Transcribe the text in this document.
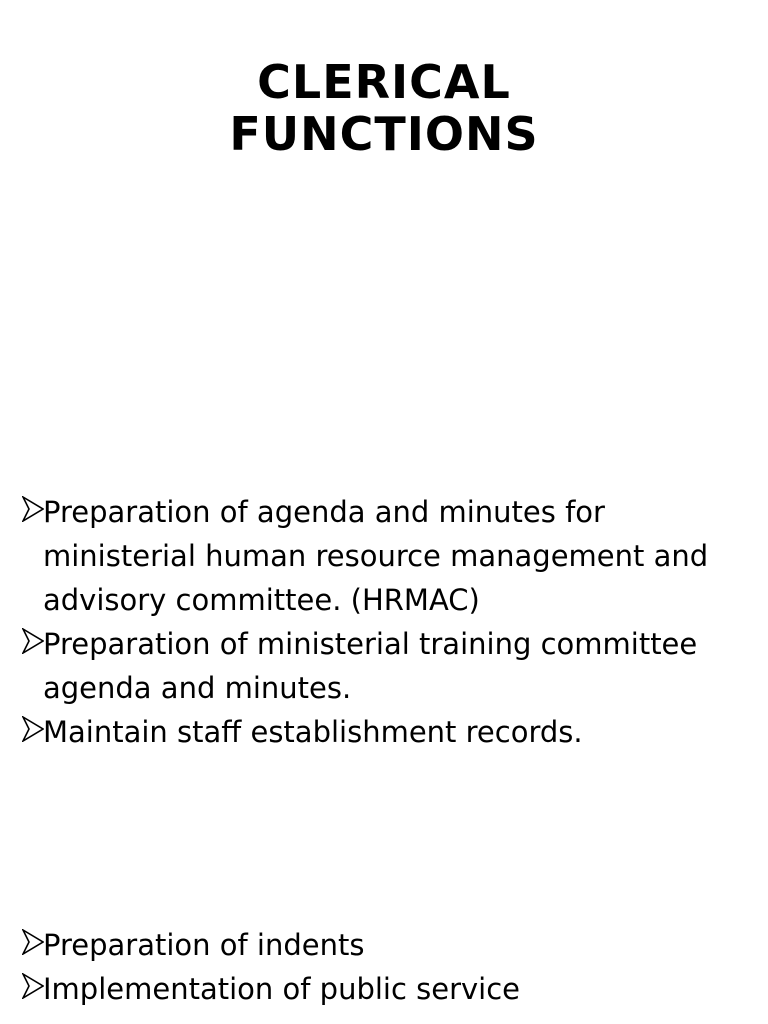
CLERICAL
FUNCTIONS
Preparation of agenda and minutes for ministerial human resource management and advisory committee. (HRMAC)
Preparation of ministerial training committee agenda and minutes.
Maintain staff establishment records.
Preparation of indents
Implementation of public service
